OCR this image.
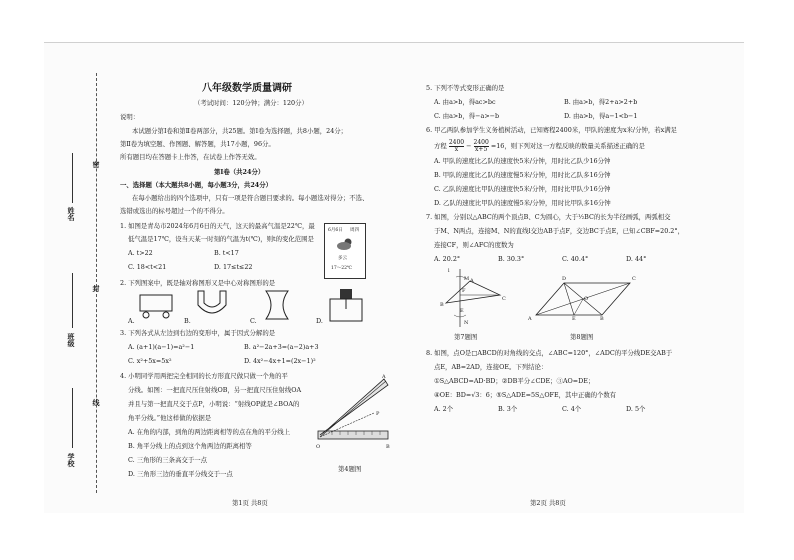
密
封
线
姓名
班级
学校
八年级数学质量调研
（考试时间：120分钟；满分：120分）
说明：
本试题分第Ⅰ卷和第Ⅱ卷两部分，共25题。第Ⅰ卷为选择题，共8小题，24分；
第Ⅱ卷为填空题、作图题、解答题，共17小题，96分。
所有题目均在答题卡上作答，在试卷上作答无效。
第Ⅰ卷（共24分）
一、选择题（本大题共8小题，每小题3分，共24分）
在每小题给出的四个选项中，只有一项是符合题目要求的。每小题选对得分；不选、
选错或选出的标号超过一个的不得分。
1. 如图是青岛市2024年6月6日的天气，这天的最高气温是22℃，最
低气温是17℃，设当天某一时刻的气温为t(℃)，则t的变化范围是
A. t>22	B. t<17
C. 18<t<21	D. 17≤t≤22
6月6日 周四
多云
17～22℃
2. 下列图案中，既是轴对称图形又是中心对称图形的是
A.	B.	C.	D.
3. 下列各式从左边到右边的变形中，属于因式分解的是
A. (a+1)(a−1)=a²−1	B. a²−2a+3=(a−2)a+3
C. x²+5x=5x²	D. 4x²−4x+1=(2x−1)²
4. 小明同学用两把完全相同的长方形直尺做只做一个角的平
分线。如图：一把直尺压住射线OB，另一把直尺压住射线OA
并且与第一把直尺交于点P，小明说：“射线OP就是∠BOA的
角平分线。”他这样做的依据是
A. 在角的内部，到角的两边距离相等的点在角的平分线上
B. 角平分线上的点到这个角两边的距离相等
C. 三角形的三条高交于一点
D. 三角形三边的垂直平分线交于一点
A
P
O	B
第4题图
第1页 共8页
5. 下列不等式变形正确的是
A. 由a>b，得ac>bc	B. 由a>b，得2+a>2+b
C. 由a>b，得−a>−b	D. 由a>b，得a−1<b−1
6. 甲乙两队参加学生义务植树活动，已知赛程2400米，甲队的速度为x米/分钟，若x满足
方程 $\frac{2400}{x} - \frac{2400}{x+5} =16$，则下列对这一方程反映的数量关系描述正确的是
A. 甲队的速度比乙队的速度快5米/分钟，用时比乙队少16分钟
B. 甲队的速度比乙队的速度慢5米/分钟，用时比乙队多16分钟
C. 乙队的速度比甲队的速度快5米/分钟，用时比甲队少16分钟
D. 乙队的速度比甲队的速度慢5米/分钟，用时比甲队多16分钟
7. 如图，分别以△ABC的两个顶点B、C为圆心，大于½BC的长为半径画弧，两弧相交
于M、N两点，连接M、N的直线l交边AB于点F，交边BC于点E，已知∠CBF=20.2°，
连接CF，则∠AFC的度数为
A. 20.2°	B. 30.3°	C. 40.4°	D. 44°
l
M
N
A
B
C
E
F
第7题图
A	B
C
D
E
O
第8题图
8. 如图，点O是□ABCD的对角线的交点，∠ABC=120°，∠ADC的平分线DE交AB于
点E，AB=2AD，连接OE。下列结论：
①S△ABCD=AD·BD；②DB平分∠CDE；③AO=DE；
④OE：BD=√3：6；⑤S△ADE=5S△OFE，其中正确的个数有
A. 2个	B. 3个	C. 4个	D. 5个
第2页 共8页
